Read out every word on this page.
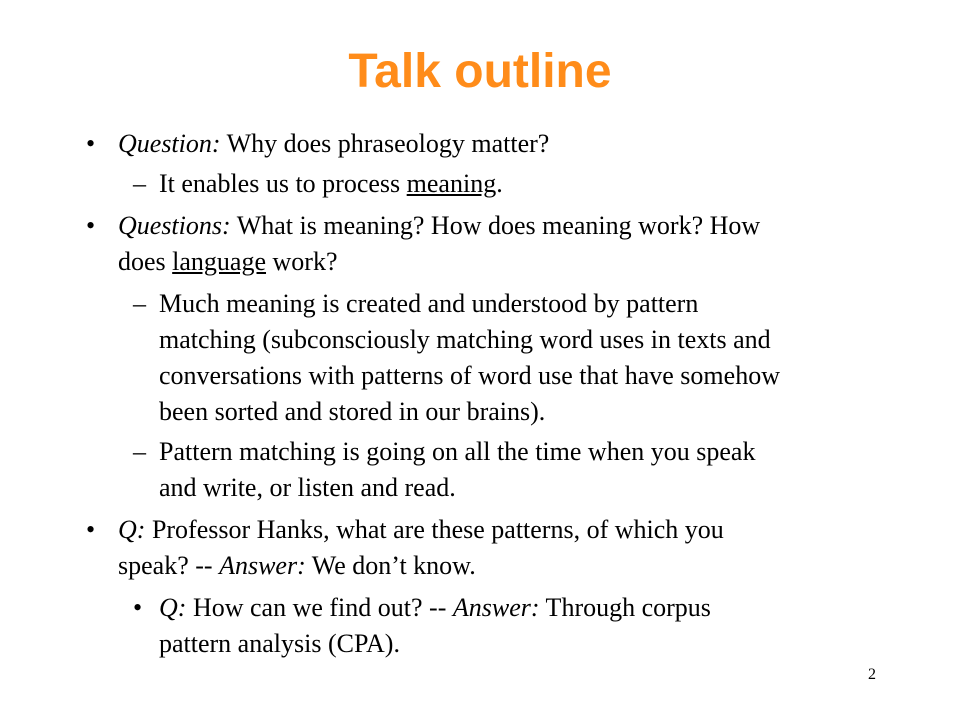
Talk outline
• Question: Why does phraseology matter?
– It enables us to process meaning.
• Questions: What is meaning? How does meaning work? How
does language work?
– Much meaning is created and understood by pattern
matching (subconsciously matching word uses in texts and
conversations with patterns of word use that have somehow
been sorted and stored in our brains).
– Pattern matching is going on all the time when you speak
and write, or listen and read.
• Q: Professor Hanks, what are these patterns, of which you
speak? -- Answer: We don’t know.
• Q: How can we find out? -- Answer: Through corpus
pattern analysis (CPA).
2
